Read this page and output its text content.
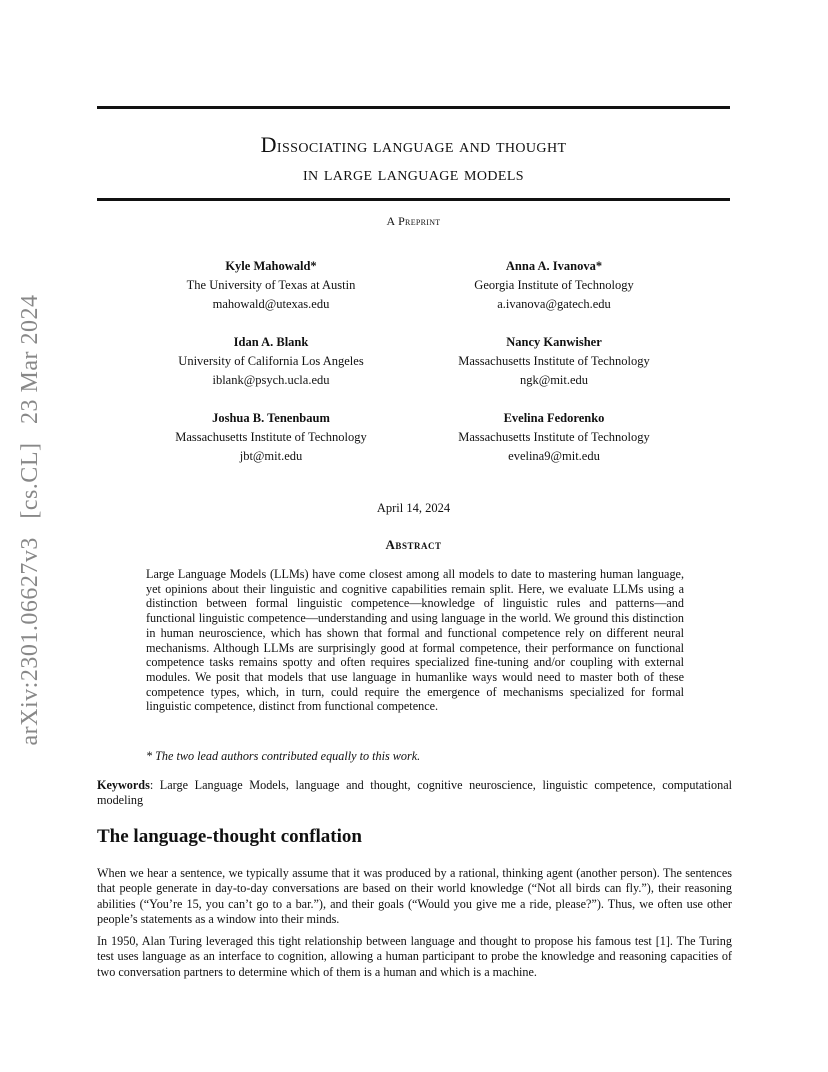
arXiv:2301.06627v3 [cs.CL] 23 Mar 2024
Dissociating language and thought
in large language models
A Preprint
Kyle Mahowald*
The University of Texas at Austin
mahowald@utexas.edu
Anna A. Ivanova*
Georgia Institute of Technology
a.ivanova@gatech.edu
Idan A. Blank
University of California Los Angeles
iblank@psych.ucla.edu
Nancy Kanwisher
Massachusetts Institute of Technology
ngk@mit.edu
Joshua B. Tenenbaum
Massachusetts Institute of Technology
jbt@mit.edu
Evelina Fedorenko
Massachusetts Institute of Technology
evelina9@mit.edu
April 14, 2024
Abstract
Large Language Models (LLMs) have come closest among all models to date to mastering human language, yet opinions about their linguistic and cognitive capabilities remain split. Here, we evaluate LLMs using a distinction between formal linguistic competence—knowledge of linguistic rules and patterns—and functional linguistic competence—understanding and using language in the world. We ground this distinction in human neuroscience, which has shown that formal and functional competence rely on different neural mechanisms. Although LLMs are surprisingly good at formal competence, their performance on functional competence tasks remains spotty and often requires specialized fine-tuning and/or coupling with external modules. We posit that models that use language in humanlike ways would need to master both of these competence types, which, in turn, could require the emergence of mechanisms specialized for formal linguistic competence, distinct from functional competence.
* The two lead authors contributed equally to this work.
Keywords: Large Language Models, language and thought, cognitive neuroscience, linguistic competence, computational modeling
The language-thought conflation
When we hear a sentence, we typically assume that it was produced by a rational, thinking agent (another person). The sentences that people generate in day-to-day conversations are based on their world knowledge (“Not all birds can fly.”), their reasoning abilities (“You’re 15, you can’t go to a bar.”), and their goals (“Would you give me a ride, please?”). Thus, we often use other people’s statements as a window into their minds.
In 1950, Alan Turing leveraged this tight relationship between language and thought to propose his famous test [1]. The Turing test uses language as an interface to cognition, allowing a human participant to probe the knowledge and reasoning capacities of two conversation partners to determine which of them is a human and which is a machine.
